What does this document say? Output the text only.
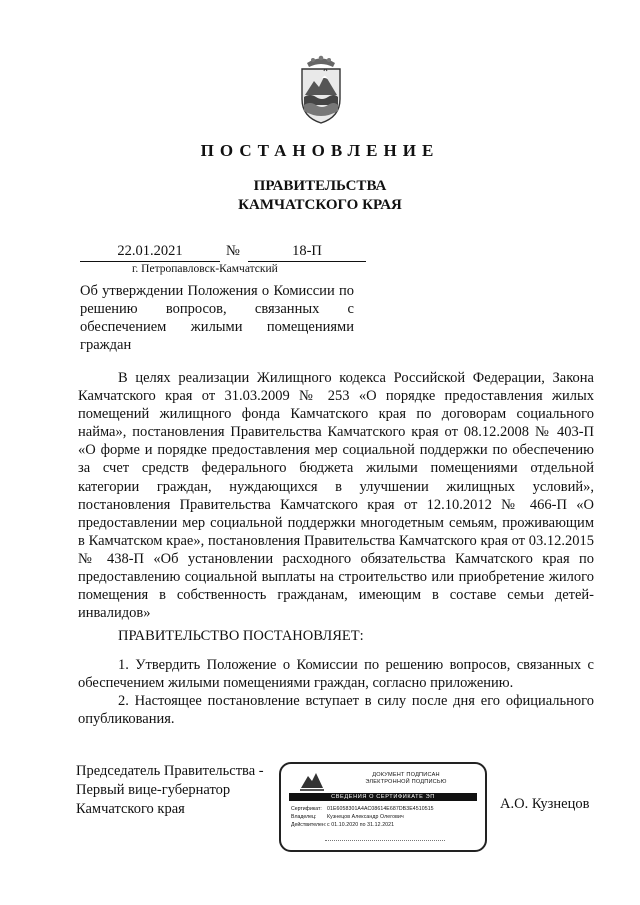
ПОСТАНОВЛЕНИЕ
ПРАВИТЕЛЬСТВА
КАМЧАТСКОГО КРАЯ
22.01.2021	№	18-П
г. Петропавловск-Камчатский
Об утверждении Положения о Комиссии по решению вопросов, связанных с обеспечением жилыми помещениями граждан
В целях реализации Жилищного кодекса Российской Федерации, Закона Камчатского края от 31.03.2009 № 253 «О порядке предоставления жилых помещений жилищного фонда Камчатского края по договорам социального найма», постановления Правительства Камчатского края от 08.12.2008 № 403-П «О форме и порядке предоставления мер социальной поддержки по обеспечению за счет средств федерального бюджета жилыми помещениями отдельной категории граждан, нуждающихся в улучшении жилищных условий», постановления Правительства Камчатского края от 12.10.2012 № 466-П «О предоставлении мер социальной поддержки многодетным семьям, проживающим в Камчатском крае», постановления Правительства Камчатского края от 03.12.2015 № 438-П «Об установлении расходного обязательства Камчатского края по предоставлению социальной выплаты на строительство или приобретение жилого помещения в собственность гражданам, имеющим в составе семьи детей-инвалидов»
ПРАВИТЕЛЬСТВО ПОСТАНОВЛЯЕТ:
1. Утвердить Положение о Комиссии по решению вопросов, связанных с обеспечением жилыми помещениями граждан, согласно приложению.
2. Настоящее постановление вступает в силу после дня его официального опубликования.
Председатель Правительства -
Первый вице-губернатор
Камчатского края
ДОКУМЕНТ ПОДПИСАН
ЭЛЕКТРОННОЙ ПОДПИСЬЮ
СВЕДЕНИЯ О СЕРТИФИКАТЕ ЭП
Сертификат: 01E6058301A4AC08614E687DB3E4510515
Владелец:	Кузнецов Александр Олегович
Действителен: с 01.10.2020 по 31.12.2021
А.О. Кузнецов
